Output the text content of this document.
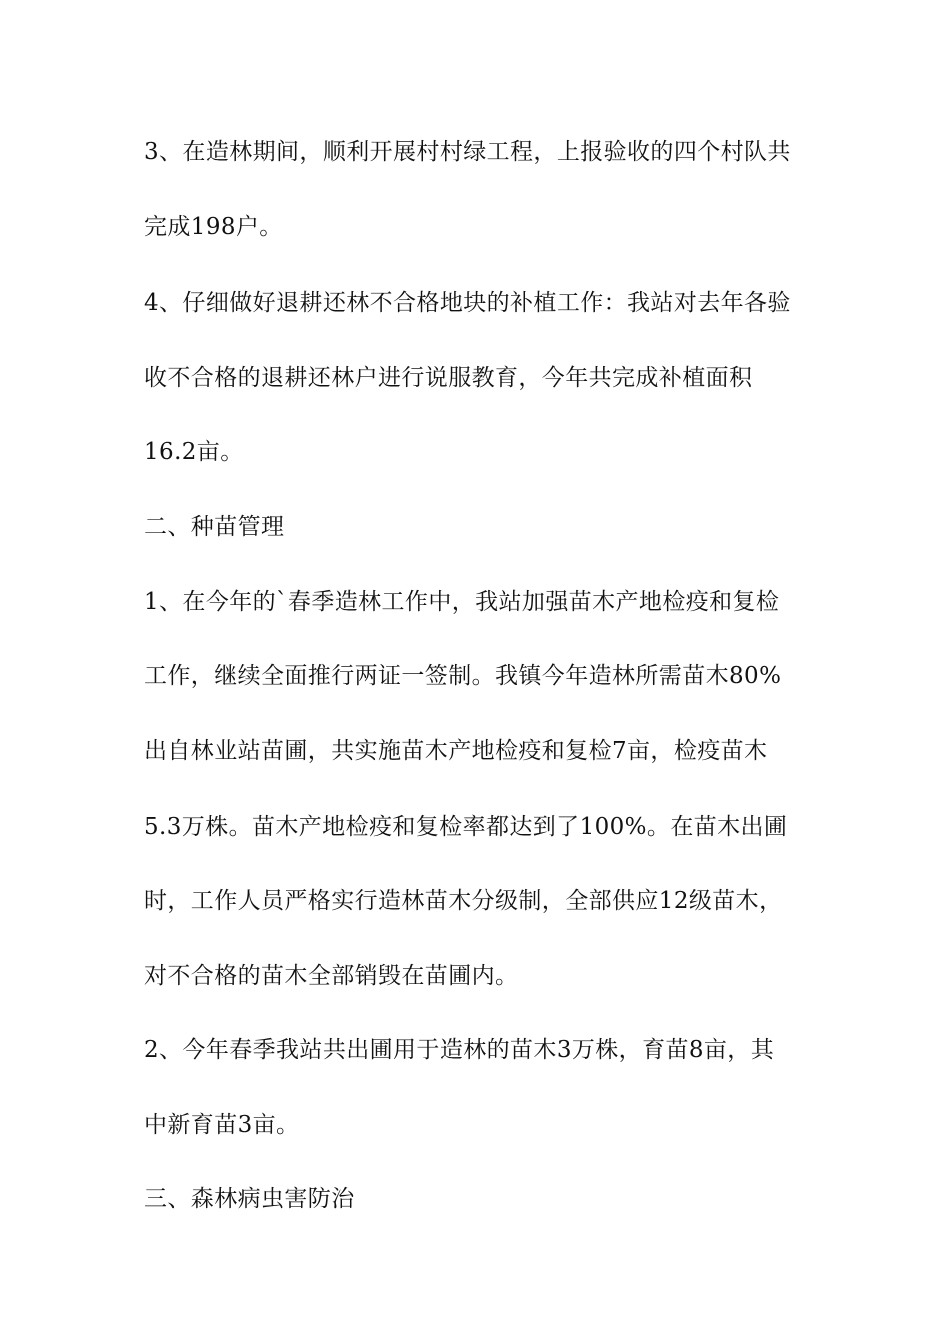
3、在造林期间，顺利开展村村绿工程，上报验收的四个村队共
完成198户。
4、仔细做好退耕还林不合格地块的补植工作：我站对去年各验
收不合格的退耕还林户进行说服教育，今年共完成补植面积
16.2亩。
二、种苗管理
1、在今年的`春季造林工作中，我站加强苗木产地检疫和复检
工作，继续全面推行两证一签制。我镇今年造林所需苗木80%
出自林业站苗圃，共实施苗木产地检疫和复检7亩，检疫苗木
5.3万株。苗木产地检疫和复检率都达到了100%。在苗木出圃
时，工作人员严格实行造林苗木分级制，全部供应12级苗木，
对不合格的苗木全部销毁在苗圃内。
2、今年春季我站共出圃用于造林的苗木3万株，育苗8亩，其
中新育苗3亩。
三、森林病虫害防治
